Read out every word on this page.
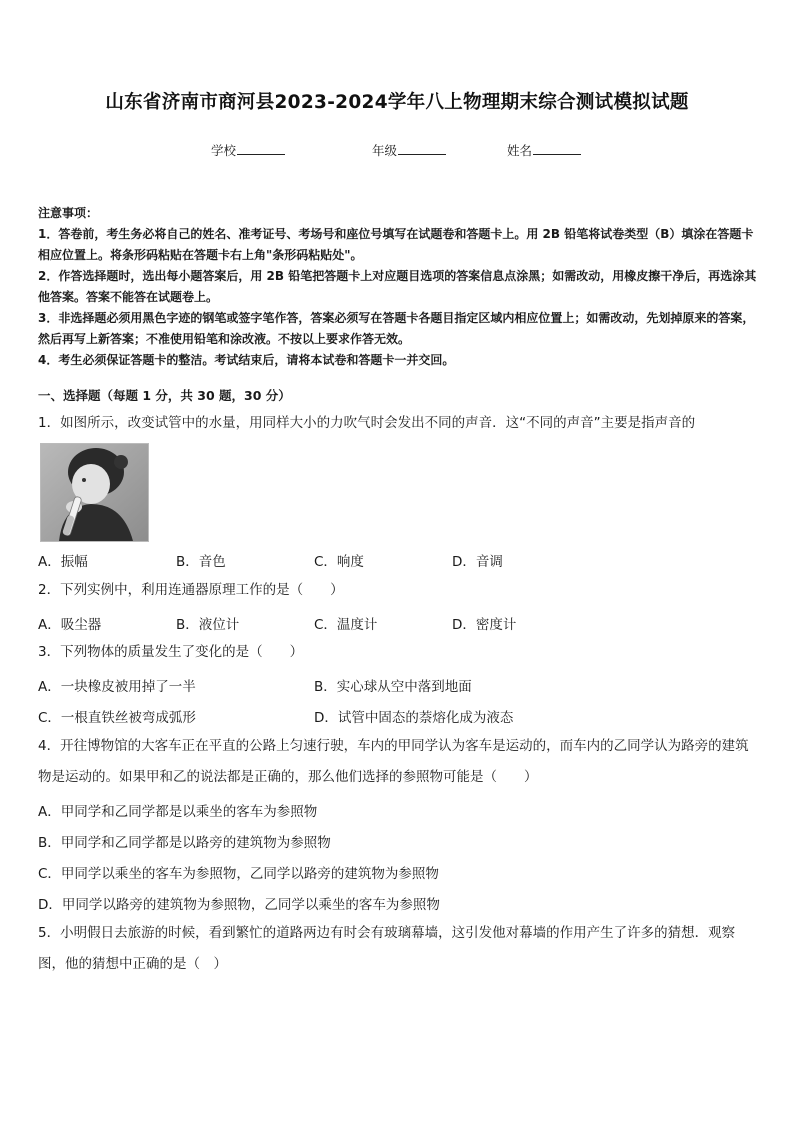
山东省济南市商河县2023-2024学年八上物理期末综合测试模拟试题
学校	年级	姓名

注意事项：

1．答卷前，考生务必将自己的姓名、准考证号、考场号和座位号填写在试题卷和答题卡上。用 2B 铅笔将试卷类型（B）填涂在答题卡相应位置上。将条形码粘贴在答题卡右上角"条形码粘贴处"。

2．作答选择题时，选出每小题答案后，用 2B 铅笔把答题卡上对应题目选项的答案信息点涂黑；如需改动，用橡皮擦干净后，再选涂其他答案。答案不能答在试题卷上。

3．非选择题必须用黑色字迹的钢笔或签字笔作答，答案必须写在答题卡各题目指定区域内相应位置上；如需改动，先划掉原来的答案，然后再写上新答案；不准使用铅笔和涂改液。不按以上要求作答无效。

4．考生必须保证答题卡的整洁。考试结束后，请将本试卷和答题卡一并交回。

一、选择题（每题 1 分，共 30 题，30 分）
1．如图所示，改变试管中的水量，用同样大小的力吹气时会发出不同的声音．这“不同的声音”主要是指声音的
A．振幅	B．音色	C．响度	D．音调
2．下列实例中，利用连通器原理工作的是（　　）
A．吸尘器	B．液位计	C．温度计	D．密度计
3．下列物体的质量发生了变化的是（　　）
A．一块橡皮被用掉了一半	B．实心球从空中落到地面
C．一根直铁丝被弯成弧形	D．试管中固态的萘熔化成为液态
4．开往博物馆的大客车正在平直的公路上匀速行驶，车内的甲同学认为客车是运动的，而车内的乙同学认为路旁的建筑物是运动的。如果甲和乙的说法都是正确的，那么他们选择的参照物可能是（　　）
A．甲同学和乙同学都是以乘坐的客车为参照物
B．甲同学和乙同学都是以路旁的建筑物为参照物
C．甲同学以乘坐的客车为参照物，乙同学以路旁的建筑物为参照物
D．甲同学以路旁的建筑物为参照物，乙同学以乘坐的客车为参照物
5．小明假日去旅游的时候，看到繁忙的道路两边有时会有玻璃幕墙，这引发他对幕墙的作用产生了许多的猜想．观察图，他的猜想中正确的是（　）
